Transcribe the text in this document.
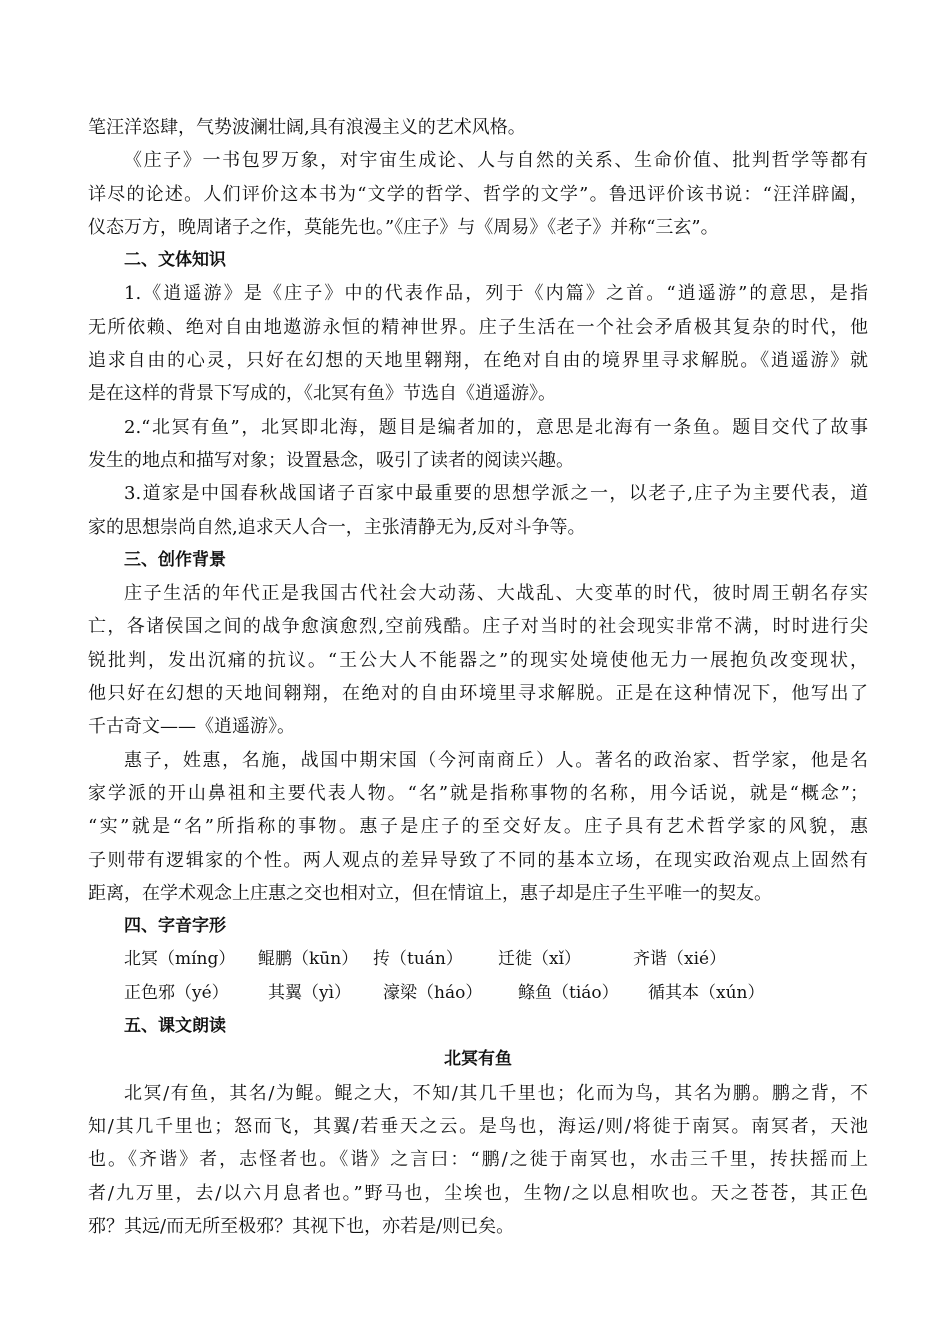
笔汪洋恣肆，气势波澜壮阔,具有浪漫主义的艺术风格。
《庄子》一书包罗万象，对宇宙生成论、人与自然的关系、生命价值、批判哲学等都有
详尽的论述。人们评价这本书为“文学的哲学、哲学的文学”。鲁迅评价该书说：“汪洋辟阖，
仪态万方，晚周诸子之作，莫能先也。”《庄子》与《周易》《老子》并称“三玄”。
二、文体知识
1.《逍遥游》是《庄子》中的代表作品，列于《内篇》之首。“逍遥游”的意思，是指
无所依赖、绝对自由地遨游永恒的精神世界。庄子生活在一个社会矛盾极其复杂的时代，他
追求自由的心灵，只好在幻想的天地里翱翔，在绝对自由的境界里寻求解脱。《逍遥游》就
是在这样的背景下写成的，《北冥有鱼》节选自《逍遥游》。
2.“北冥有鱼”，北冥即北海，题目是编者加的，意思是北海有一条鱼。题目交代了故事
发生的地点和描写对象；设置悬念，吸引了读者的阅读兴趣。
3.道家是中国春秋战国诸子百家中最重要的思想学派之一，以老子,庄子为主要代表，道
家的思想崇尚自然,追求天人合一，主张清静无为,反对斗争等。
三、创作背景
庄子生活的年代正是我国古代社会大动荡、大战乱、大变革的时代，彼时周王朝名存实
亡，各诸侯国之间的战争愈演愈烈,空前残酷。庄子对当时的社会现实非常不满，时时进行尖
锐批判，发出沉痛的抗议。“王公大人不能器之”的现实处境使他无力一展抱负改变现状，
他只好在幻想的天地间翱翔，在绝对的自由环境里寻求解脱。正是在这种情况下，他写出了
千古奇文——《逍遥游》。
惠子，姓惠，名施，战国中期宋国（今河南商丘）人。著名的政治家、哲学家，他是名
家学派的开山鼻祖和主要代表人物。“名”就是指称事物的名称，用今话说，就是“概念”；
“实”就是“名”所指称的事物。惠子是庄子的至交好友。庄子具有艺术哲学家的风貌，惠
子则带有逻辑家的个性。两人观点的差异导致了不同的基本立场，在现实政治观点上固然有
距离，在学术观念上庄惠之交也相对立，但在情谊上，惠子却是庄子生平唯一的契友。
四、字音字形
北冥（míng） 鲲鹏（kūn） 抟（tuán） 迁徙（xǐ）	齐谐（xié）
正色邪（yé） 其翼（yì） 濠梁（háo） 鲦鱼（tiáo） 循其本（xún）
五、课文朗读
北冥有鱼
北冥/有鱼，其名/为鲲。鲲之大，不知/其几千里也；化而为鸟，其名为鹏。鹏之背，不
知/其几千里也；怒而飞，其翼/若垂天之云。是鸟也，海运/则/将徙于南冥。南冥者，天池
也。《齐谐》者，志怪者也。《谐》之言曰：“鹏/之徙于南冥也，水击三千里，抟扶摇而上
者/九万里，去/以六月息者也。”野马也，尘埃也，生物/之以息相吹也。天之苍苍，其正色
邪？其远/而无所至极邪？其视下也，亦若是/则已矣。
